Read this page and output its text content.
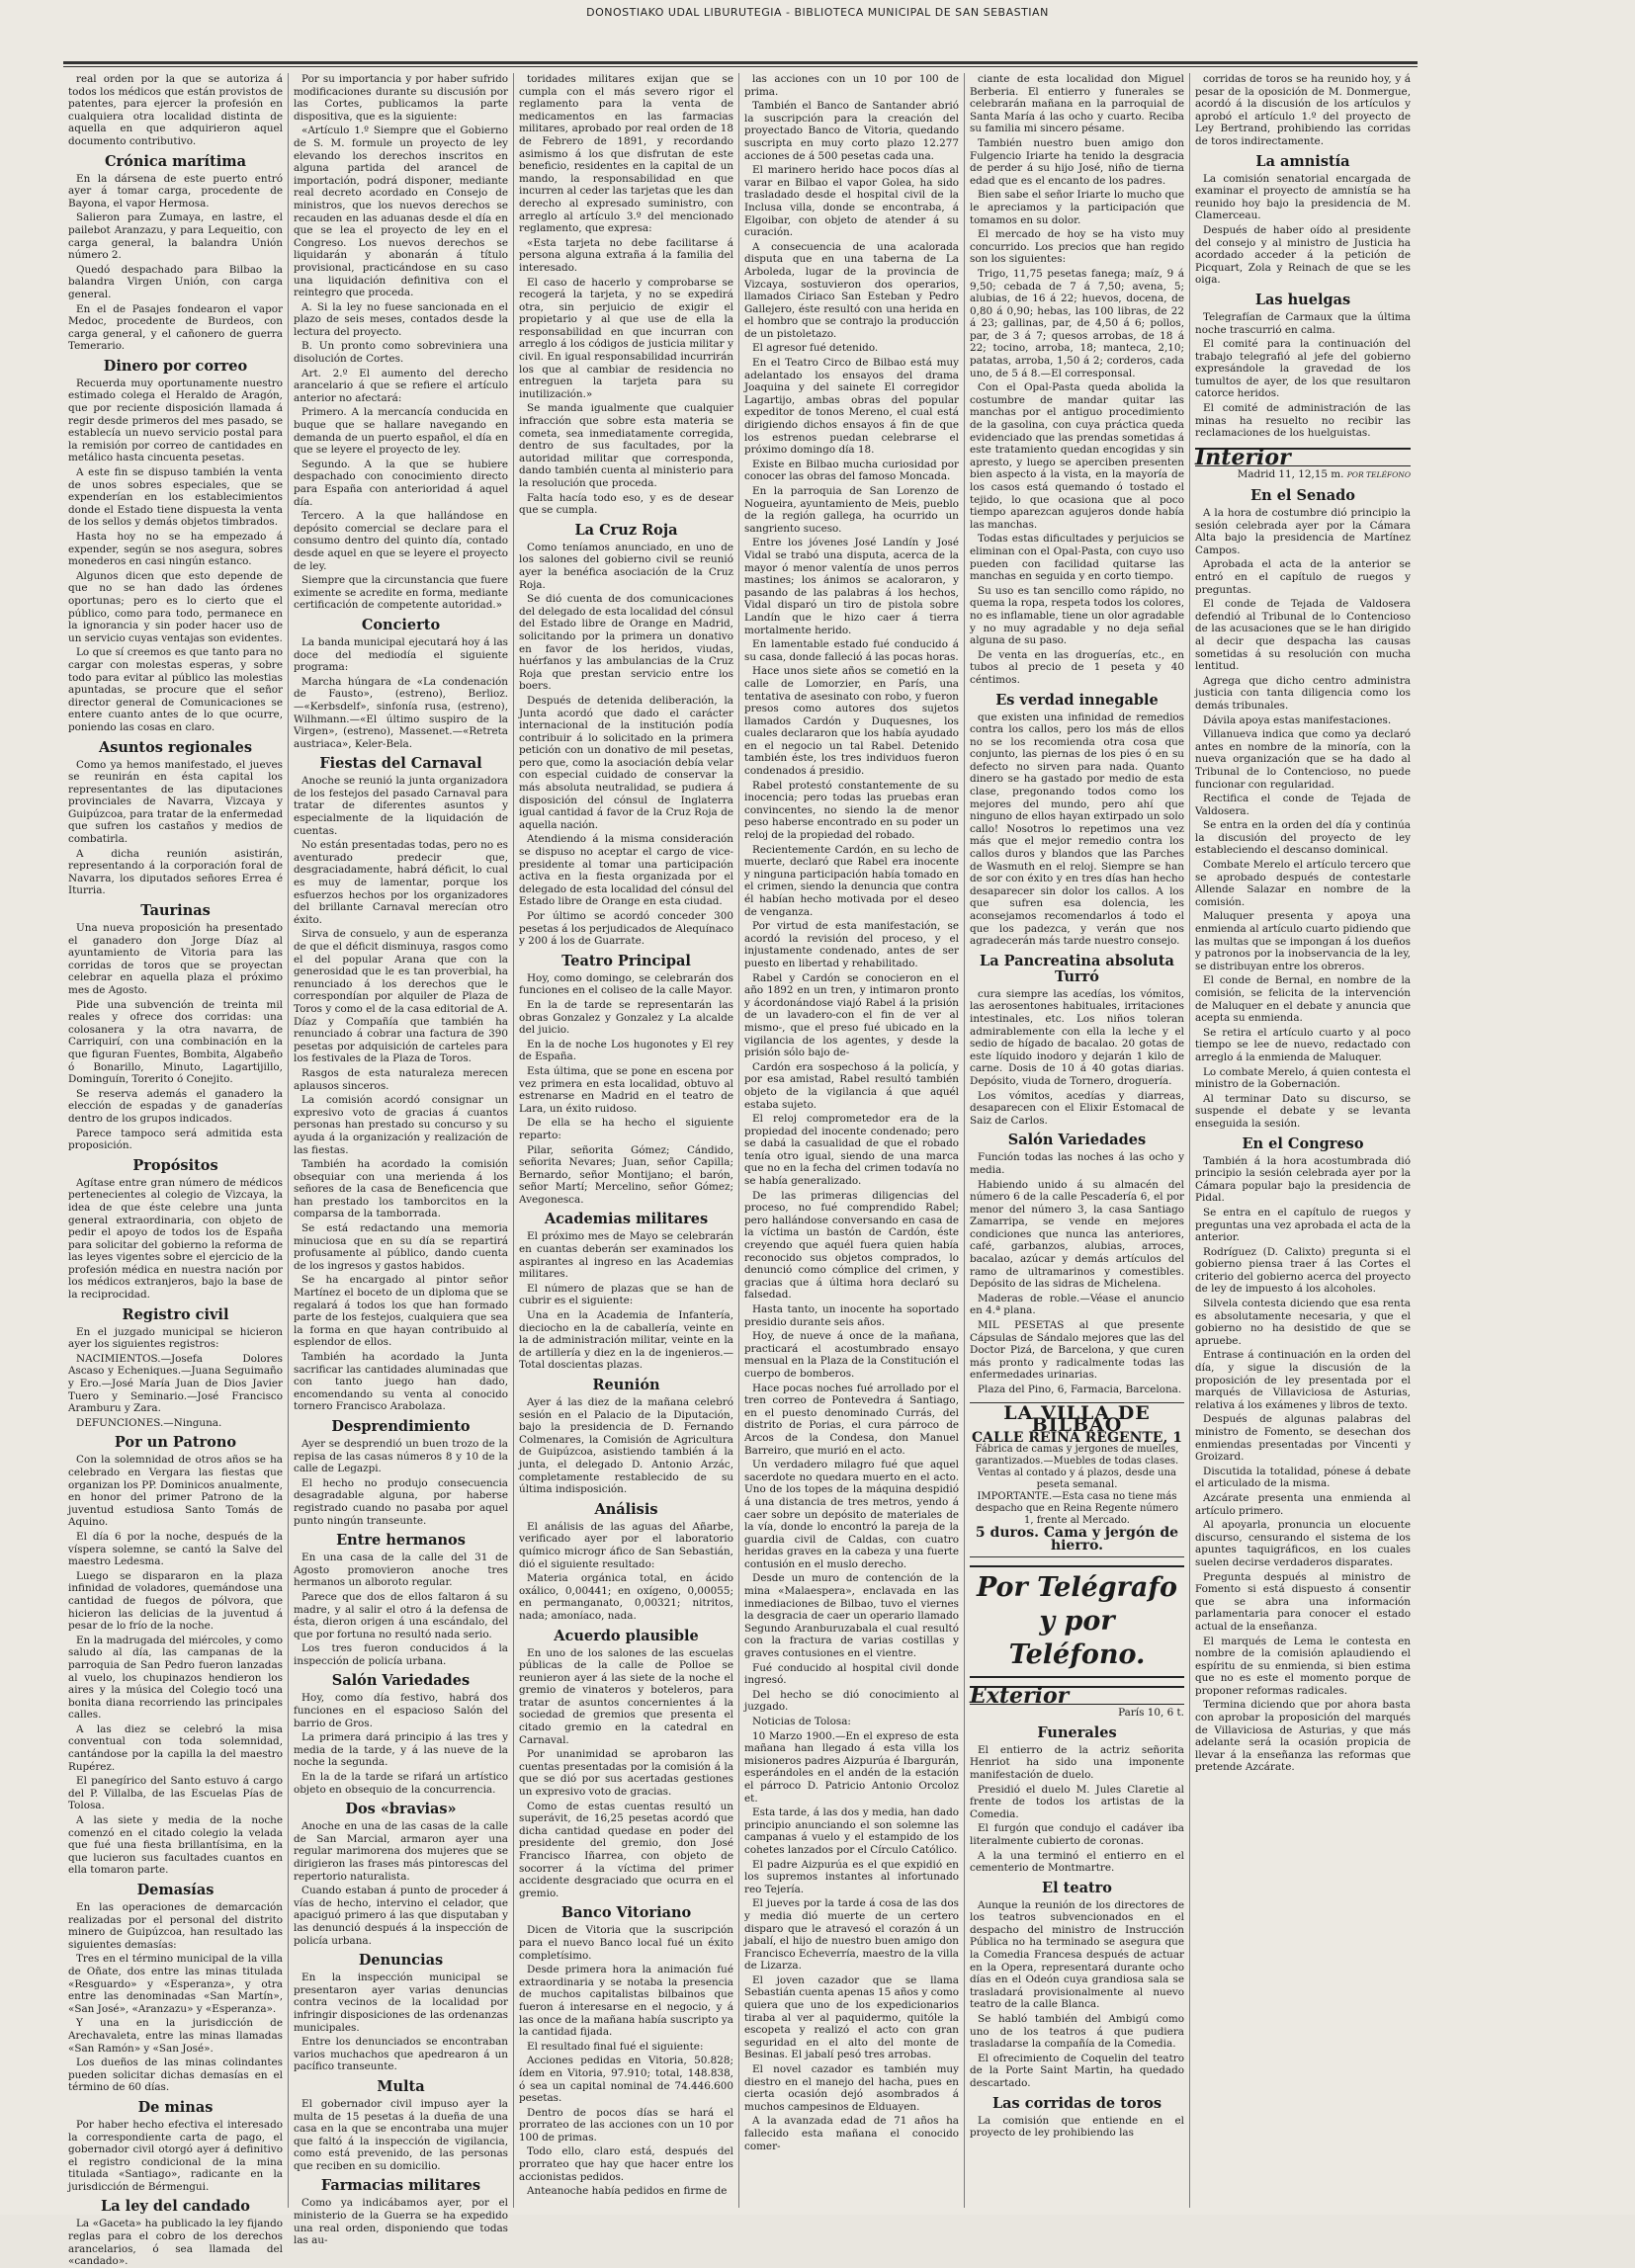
DONOSTIAKO UDAL LIBURUTEGIA - BIBLIOTECA MUNICIPAL DE SAN SEBASTIAN

real orden por la que se autoriza á todos los médicos que están provistos de patentes, para ejercer la profesión en cualquiera otra localidad distinta de aquella en que adquirieron aquel documento contributivo.

Crónica marítima

En la dársena de este puerto entró ayer á tomar carga, procedente de Bayona, el vapor Hermosa.

Salieron para Zumaya, en lastre, el pailebot Aranzazu, y para Lequeitio, con carga general, la balandra Unión número 2.

Quedó despachado para Bilbao la balandra Virgen Unión, con carga general.

En el de Pasajes fondearon el vapor Medoc, procedente de Burdeos, con carga general, y el cañonero de guerra Temerario.

Dinero por correo

Recuerda muy oportunamente nuestro estimado colega el Heraldo de Aragón, que por reciente disposición llamada á regir desde primeros del mes pasado, se establecía un nuevo servicio postal para la remisión por correo de cantidades en metálico hasta cincuenta pesetas.

A este fin se dispuso también la venta de unos sobres especiales, que se expenderían en los establecimientos donde el Estado tiene dispuesta la venta de los sellos y demás objetos timbrados.

Hasta hoy no se ha empezado á expender, según se nos asegura, sobres monederos en casi ningún estanco.

Algunos dicen que esto depende de que no se han dado las órdenes oportunas; pero es lo cierto que el público, como para todo, permanece en la ignorancia y sin poder hacer uso de un servicio cuyas ventajas son evidentes.

Lo que sí creemos es que tanto para no cargar con molestas esperas, y sobre todo para evitar al público las molestias apuntadas, se procure que el señor director general de Comunicaciones se entere cuanto antes de lo que ocurre, poniendo las cosas en claro.

Asuntos regionales

Como ya hemos manifestado, el jueves se reunirán en ésta capital los representantes de las diputaciones provinciales de Navarra, Vizcaya y Guipúzcoa, para tratar de la enfermedad que sufren los castaños y medios de combatirla.

A dicha reunión asistirán, representando á la corporación foral de Navarra, los diputados señores Errea é Iturria.

Taurinas

Una nueva proposición ha presentado el ganadero don Jorge Díaz al ayuntamiento de Vitoria para las corridas de toros que se proyectan celebrar en aquella plaza el próximo mes de Agosto.

Pide una subvención de treinta mil reales y ofrece dos corridas: una colosanera y la otra navarra, de Carriquirí, con una combinación en la que figuran Fuentes, Bombita, Algabeño ó Bonarillo, Minuto, Lagartijillo, Dominguín, Torerito ó Conejito.

Se reserva además el ganadero la elección de espadas y de ganaderías dentro de los grupos indicados.

Parece tampoco será admitida esta proposición.

Propósitos

Agítase entre gran número de médicos pertenecientes al colegio de Vizcaya, la idea de que éste celebre una junta general extraordinaria, con objeto de pedir el apoyo de todos los de España para solicitar del gobierno la reforma de las leyes vigentes sobre el ejercicio de la profesión médica en nuestra nación por los médicos extranjeros, bajo la base de la reciprocidad.

Registro civil

En el juzgado municipal se hicieron ayer los siguientes registros:

NACIMIENTOS.—Josefa Dolores Ascaso y Echeniques.—Juana Seguimaño y Ero.—José María Juan de Dios Javier Tuero y Seminario.—José Francisco Aramburu y Zara.

DEFUNCIONES.—Ninguna.

Por un Patrono

Con la solemnidad de otros años se ha celebrado en Vergara las fiestas que organizan los PP. Dominicos anualmente, en honor del primer Patrono de la juventud estudiosa Santo Tomás de Aquino.

El día 6 por la noche, después de la víspera solemne, se cantó la Salve del maestro Ledesma.

Luego se dispararon en la plaza infinidad de voladores, quemándose una cantidad de fuegos de pólvora, que hicieron las delicias de la juventud á pesar de lo frío de la noche.

En la madrugada del miércoles, y como saludo al día, las campanas de la parroquia de San Pedro fueron lanzadas al vuelo, los chupinazos hendieron los aires y la música del Colegio tocó una bonita diana recorriendo las principales calles.

A las diez se celebró la misa conventual con toda solemnidad, cantándose por la capilla la del maestro Rupérez.

El panegírico del Santo estuvo á cargo del P. Villalba, de las Escuelas Pías de Tolosa.

A las siete y media de la noche comenzó en el citado colegio la velada que fué una fiesta brillantísima, en la que lucieron sus facultades cuantos en ella tomaron parte.

Demasías

En las operaciones de demarcación realizadas por el personal del distrito minero de Guipúzcoa, han resultado las siguientes demasías:

Tres en el término municipal de la villa de Oñate, dos entre las minas titulada «Resguardo» y «Esperanza», y otra entre las denominadas «San Martín», «San José», «Aranzazu» y «Esperanza».

Y una en la jurisdicción de Arechavaleta, entre las minas llamadas «San Ramón» y «San José».

Los dueños de las minas colindantes pueden solicitar dichas demasías en el término de 60 días.

De minas

Por haber hecho efectiva el interesado la correspondiente carta de pago, el gobernador civil otorgó ayer á definitivo el registro condicional de la mina titulada «Santiago», radicante en la jurisdicción de Bérmengui.

La ley del candado

La «Gaceta» ha publicado la ley fijando reglas para el cobro de los derechos arancelarios, ó sea llamada del «candado».

Por su importancia y por haber sufrido modificaciones durante su discusión por las Cortes, publicamos la parte dispositiva, que es la siguiente:

«Artículo 1.º Siempre que el Gobierno de S. M. formule un proyecto de ley elevando los derechos inscritos en alguna partida del arancel de importación, podrá disponer, mediante real decreto acordado en Consejo de ministros, que los nuevos derechos se recauden en las aduanas desde el día en que se lea el proyecto de ley en el Congreso. Los nuevos derechos se liquidarán y abonarán á título provisional, practicándose en su caso una liquidación definitiva con el reintegro que proceda.

A. Si la ley no fuese sancionada en el plazo de seis meses, contados desde la lectura del proyecto.

B. Un pronto como sobreviniera una disolución de Cortes.

Art. 2.º El aumento del derecho arancelario á que se refiere el artículo anterior no afectará:

Primero. A la mercancía conducida en buque que se hallare navegando en demanda de un puerto español, el día en que se leyere el proyecto de ley.

Segundo. A la que se hubiere despachado con conocimiento directo para España con anterioridad á aquel día.

Tercero. A la que hallándose en depósito comercial se declare para el consumo dentro del quinto día, contado desde aquel en que se leyere el proyecto de ley.

Siempre que la circunstancia que fuere eximente se acredite en forma, mediante certificación de competente autoridad.»

Concierto

La banda municipal ejecutará hoy á las doce del mediodía el siguiente programa:

Marcha húngara de «La condenación de Fausto», (estreno), Berlioz.—«Kerbsdelf», sinfonía rusa, (estreno), Wilhmann.—«El último suspiro de la Virgen», (estreno), Massenet.—«Retreta austriaca», Keler-Bela.

Fiestas del Carnaval

Anoche se reunió la junta organizadora de los festejos del pasado Carnaval para tratar de diferentes asuntos y especialmente de la liquidación de cuentas.

No están presentadas todas, pero no es aventurado predecir que, desgraciadamente, habrá déficit, lo cual es muy de lamentar, porque los esfuerzos hechos por los organizadores del brillante Carnaval merecían otro éxito.

Sirva de consuelo, y aun de esperanza de que el déficit disminuya, rasgos como el del popular Arana que con la generosidad que le es tan proverbial, ha renunciado á los derechos que le correspondían por alquiler de Plaza de Toros y como el de la casa editorial de A. Díaz y Compañía que también ha renunciado á cobrar una factura de 390 pesetas por adquisición de carteles para los festivales de la Plaza de Toros.

Rasgos de esta naturaleza merecen aplausos sinceros.

La comisión acordó consignar un expresivo voto de gracias á cuantos personas han prestado su concurso y su ayuda á la organización y realización de las fiestas.

También ha acordado la comisión obsequiar con una merienda á los señores de la casa de Beneficencia que han prestado los tamborcitos en la comparsa de la tamborrada.

Se está redactando una memoria minuciosa que en su día se repartirá profusamente al público, dando cuenta de los ingresos y gastos habidos.

Se ha encargado al pintor señor Martínez el boceto de un diploma que se regalará á todos los que han formado parte de los festejos, cualquiera que sea la forma en que hayan contribuido al esplendor de ellos.

También ha acordado la Junta sacrificar las cantidades aluminadas que con tanto juego han dado, encomendando su venta al conocido tornero Francisco Arabolaza.

Desprendimiento

Ayer se desprendió un buen trozo de la repisa de las casas números 8 y 10 de la calle de Legazpi.

El hecho no produjo consecuencia desagradable alguna, por haberse registrado cuando no pasaba por aquel punto ningún transeunte.

Entre hermanos

En una casa de la calle del 31 de Agosto promovieron anoche tres hermanos un alboroto regular.

Parece que dos de ellos faltaron á su madre, y al salir el otro á la defensa de ésta, dieron origen á una escándalo, del que por fortuna no resultó nada serio.

Los tres fueron conducidos á la inspección de policía urbana.

Salón Variedades

Hoy, como día festivo, habrá dos funciones en el espacioso Salón del barrio de Gros.

La primera dará principio á las tres y media de la tarde, y á las nueve de la noche la segunda.

En la de la tarde se rifará un artístico objeto en obsequio de la concurrencia.

Dos «bravias»

Anoche en una de las casas de la calle de San Marcial, armaron ayer una regular marimorena dos mujeres que se dirigieron las frases más pintorescas del repertorio naturalista.

Cuando estaban á punto de proceder á vías de hecho, intervino el celador, que apaciguó primero á las que disputaban y las denunció después á la inspección de policía urbana.

Denuncias

En la inspección municipal se presentaron ayer varias denuncias contra vecinos de la localidad por infringir disposiciones de las ordenanzas municipales.

Entre los denunciados se encontraban varios muchachos que apedrearon á un pacífico transeunte.

Multa

El gobernador civil impuso ayer la multa de 15 pesetas á la dueña de una casa en la que se encontraba una mujer que faltó á la inspección de vigilancia, como está prevenido, de las personas que reciben en su domicilio.

Farmacias militares

Como ya indicábamos ayer, por el ministerio de la Guerra se ha expedido una real orden, disponiendo que todas las au-

toridades militares exijan que se cumpla con el más severo rigor el reglamento para la venta de medicamentos en las farmacias militares, aprobado por real orden de 18 de Febrero de 1891, y recordando asimismo á los que disfrutan de este beneficio, residentes en la capital de un mando, la responsabilidad en que incurren al ceder las tarjetas que les dan derecho al expresado suministro, con arreglo al artículo 3.º del mencionado reglamento, que expresa:

«Esta tarjeta no debe facilitarse á persona alguna extraña á la familia del interesado.

El caso de hacerlo y comprobarse se recogerá la tarjeta, y no se expedirá otra, sin perjuicio de exigir el propietario y al que use de ella la responsabilidad en que incurran con arreglo á los códigos de justicia militar y civil. En igual responsabilidad incurrirán los que al cambiar de residencia no entreguen la tarjeta para su inutilización.»

Se manda igualmente que cualquier infracción que sobre esta materia se cometa, sea inmediatamente corregida, dentro de sus facultades, por la autoridad militar que corresponda, dando también cuenta al ministerio para la resolución que proceda.

Falta hacía todo eso, y es de desear que se cumpla.

La Cruz Roja

Como teníamos anunciado, en uno de los salones del gobierno civil se reunió ayer la benéfica asociación de la Cruz Roja.

Se dió cuenta de dos comunicaciones del delegado de esta localidad del cónsul del Estado libre de Orange en Madrid, solicitando por la primera un donativo en favor de los heridos, viudas, huérfanos y las ambulancias de la Cruz Roja que prestan servicio entre los boers.

Después de detenida deliberación, la Junta acordó que dado el carácter internacional de la institución podía contribuir á lo solicitado en la primera petición con un donativo de mil pesetas, pero que, como la asociación debía velar con especial cuidado de conservar la más absoluta neutralidad, se pudiera á disposición del cónsul de Inglaterra igual cantidad á favor de la Cruz Roja de aquella nación.

Atendiendo á la misma consideración se dispuso no aceptar el cargo de vice-presidente al tomar una participación activa en la fiesta organizada por el delegado de esta localidad del cónsul del Estado libre de Orange en esta ciudad.

Por último se acordó conceder 300 pesetas á los perjudicados de Alequínaco y 200 á los de Guarrate.

Teatro Principal

Hoy, como domingo, se celebrarán dos funciones en el coliseo de la calle Mayor.

En la de tarde se representarán las obras Gonzalez y Gonzalez y La alcalde del juicio.

En la de noche Los hugonotes y El rey de España.

Esta última, que se pone en escena por vez primera en esta localidad, obtuvo al estrenarse en Madrid en el teatro de Lara, un éxito ruidoso.

De ella se ha hecho el siguiente reparto:

Pilar, señorita Gómez; Cándido, señorita Nevares; Juan, señor Capilla; Bernardo, señor Montijano; el barón, señor Martí; Mercelino, señor Gómez; Avegonesca.

Academias militares

El próximo mes de Mayo se celebrarán en cuantas deberán ser examinados los aspirantes al ingreso en las Academias militares.

El número de plazas que se han de cubrir es el siguiente:

Una en la Academia de Infantería, dieciocho en la de caballería, veinte en la de administración militar, veinte en la de artillería y diez en la de ingenieros.—Total doscientas plazas.

Reunión

Ayer á las diez de la mañana celebró sesión en el Palacio de la Diputación, bajo la presidencia de D. Fernando Colmenares, la Comisión de Agricultura de Guipúzcoa, asistiendo también á la junta, el delegado D. Antonio Arzác, completamente restablecido de su última indisposición.

Análisis

El análisis de las aguas del Añarbe, verificado ayer por el laboratorio químico microgr áfico de San Sebastián, dió el siguiente resultado:

Materia orgánica total, en ácido oxálico, 0,00441; en oxígeno, 0,00055; en permanganato, 0,00321; nitritos, nada; amoníaco, nada.

Acuerdo plausible

En uno de los salones de las escuelas públicas de la calle de Polloe se reunieron ayer á las siete de la noche el gremio de vinateros y boteleros, para tratar de asuntos concernientes á la sociedad de gremios que presenta el citado gremio en la catedral en Carnaval.

Por unanimidad se aprobaron las cuentas presentadas por la comisión á la que se dió por sus acertadas gestiones un expresivo voto de gracias.

Como de estas cuentas resultó un superávit, de 16,25 pesetas acordó que dicha cantidad quedase en poder del presidente del gremio, don José Francisco Iñarrea, con objeto de socorrer á la víctima del primer accidente desgraciado que ocurra en el gremio.

Banco Vitoriano

Dicen de Vitoria que la suscripción para el nuevo Banco local fué un éxito completísimo.

Desde primera hora la animación fué extraordinaria y se notaba la presencia de muchos capitalistas bilbainos que fueron á interesarse en el negocio, y á las once de la mañana había suscripto ya la cantidad fijada.

El resultado final fué el siguiente:

Acciones pedidas en Vitoria, 50.828; ídem en Vitoria, 97.910; total, 148.838, ó sea un capital nominal de 74.446.600 pesetas.

Dentro de pocos días se hará el prorrateo de las acciones con un 10 por 100 de primas.

Todo ello, claro está, después del prorrateo que hay que hacer entre los accionistas pedidos.

Anteanoche había pedidos en firme de

las acciones con un 10 por 100 de prima.

También el Banco de Santander abrió la suscripción para la creación del proyectado Banco de Vitoria, quedando suscripta en muy corto plazo 12.277 acciones de á 500 pesetas cada una.

El marinero herido hace pocos días al varar en Bilbao el vapor Golea, ha sido trasladado desde el hospital civil de la Inclusa villa, donde se encontraba, á Elgoibar, con objeto de atender á su curación.

A consecuencia de una acalorada disputa que en una taberna de La Arboleda, lugar de la provincia de Vizcaya, sostuvieron dos operarios, llamados Ciriaco San Esteban y Pedro Gallejero, éste resultó con una herida en el hombro que se contrajo la producción de un pistoletazo.

El agresor fué detenido.

En el Teatro Circo de Bilbao está muy adelantado los ensayos del drama Joaquina y del sainete El corregidor Lagartijo, ambas obras del popular expeditor de tonos Mereno, el cual está dirigiendo dichos ensayos á fin de que los estrenos puedan celebrarse el próximo domingo día 18.

Existe en Bilbao mucha curiosidad por conocer las obras del famoso Moncada.

En la parroquia de San Lorenzo de Nogueira, ayuntamiento de Meis, pueblo de la región gallega, ha ocurrido un sangriento suceso.

Entre los jóvenes José Landín y José Vidal se trabó una disputa, acerca de la mayor ó menor valentía de unos perros mastines; los ánimos se acaloraron, y pasando de las palabras á los hechos, Vidal disparó un tiro de pistola sobre Landín que le hizo caer á tierra mortalmente herido.

En lamentable estado fué conducido á su casa, donde falleció á las pocas horas.

Hace unos siete años se cometió en la calle de Lomorzier, en París, una tentativa de asesinato con robo, y fueron presos como autores dos sujetos llamados Cardón y Duquesnes, los cuales declararon que los había ayudado en el negocio un tal Rabel. Detenido también éste, los tres individuos fueron condenados á presidio.

Rabel protestó constantemente de su inocencia; pero todas las pruebas eran convincentes, no siendo la de menor peso haberse encontrado en su poder un reloj de la propiedad del robado.

Recientemente Cardón, en su lecho de muerte, declaró que Rabel era inocente y ninguna participación había tomado en el crimen, siendo la denuncia que contra él habían hecho motivada por el deseo de venganza.

Por virtud de esta manifestación, se acordó la revisión del proceso, y el injustamente condenado, antes de ser puesto en libertad y rehabilitado.

Rabel y Cardón se conocieron en el año 1892 en un tren, y intimaron pronto y ácordonándose viajó Rabel á la prisión de un lavadero-con el fin de ver al mismo-, que el preso fué ubicado en la vigilancia de los agentes, y desde la prisión sólo bajo de-

Cardón era sospechoso á la policía, y por esa amistad, Rabel resultó también objeto de la vigilancia á que aquél estaba sujeto.

El reloj comprometedor era de la propiedad del inocente condenado; pero se dabá la casualidad de que el robado tenía otro igual, siendo de una marca que no en la fecha del crimen todavía no se había generalizado.

De las primeras diligencias del proceso, no fué comprendido Rabel; pero hallándose conversando en casa de la víctima un bastón de Cardón, éste creyendo que aquél fuera quien había reconocido sus objetos comprados, lo denunció como cómplice del crimen, y gracias que á última hora declaró su falsedad.

Hasta tanto, un inocente ha soportado presidio durante seis años.

Hoy, de nueve á once de la mañana, practicará el acostumbrado ensayo mensual en la Plaza de la Constitución el cuerpo de bomberos.

Hace pocas noches fué arrollado por el tren correo de Pontevedra á Santiago, en el puesto denominado Currás, del distrito de Porias, el cura párroco de Arcos de la Condesa, don Manuel Barreiro, que murió en el acto.

Un verdadero milagro fué que aquel sacerdote no quedara muerto en el acto. Uno de los topes de la máquina despidió á una distancia de tres metros, yendo á caer sobre un depósito de materiales de la vía, donde lo encontró la pareja de la guardia civil de Caldas, con cuatro heridas graves en la cabeza y una fuerte contusión en el muslo derecho.

Desde un muro de contención de la mina «Malaespera», enclavada en las inmediaciones de Bilbao, tuvo el viernes la desgracia de caer un operario llamado Segundo Aranburuzabala el cual resultó con la fractura de varias costillas y graves contusiones en el vientre.

Fué conducido al hospital civil donde ingresó.

Del hecho se dió conocimiento al juzgado.

Noticias de Tolosa:

10 Marzo 1900.—En el expreso de esta mañana han llegado á esta villa los misioneros padres Aizpurúa é Ibargurán, esperándoles en el andén de la estación el párroco D. Patricio Antonio Orcoloz et.

Esta tarde, á las dos y media, han dado principio anunciando el son solemne las campanas á vuelo y el estampido de los cohetes lanzados por el Círculo Católico.

El padre Aizpurúa es el que expidió en los supremos instantes al infortunado reo Tejería.

El jueves por la tarde á cosa de las dos y media dió muerte de un certero disparo que le atravesó el corazón á un jabalí, el hijo de nuestro buen amigo don Francisco Echeverría, maestro de la villa de Lizarza.

El joven cazador que se llama Sebastián cuenta apenas 15 años y como quiera que uno de los expedicionarios tiraba al ver al paquidermo, quitóle la escopeta y realizó el acto con gran seguridad en el alto del monte de Besinas. El jabalí pesó tres arrobas.

El novel cazador es también muy diestro en el manejo del hacha, pues en cierta ocasión dejó asombrados á muchos campesinos de Elduayen.

A la avanzada edad de 71 años ha fallecido esta mañana el conocido comer-

ciante de esta localidad don Miguel Berberia. El entierro y funerales se celebrarán mañana en la parroquial de Santa María á las ocho y cuarto. Reciba su familia mi sincero pésame.

También nuestro buen amigo don Fulgencio Iriarte ha tenido la desgracia de perder á su hijo José, niño de tierna edad que es el encanto de los padres.

Bien sabe el señor Iriarte lo mucho que le apreciamos y la participación que tomamos en su dolor.

El mercado de hoy se ha visto muy concurrido. Los precios que han regido son los siguientes:

Trigo, 11,75 pesetas fanega; maíz, 9 á 9,50; cebada de 7 á 7,50; avena, 5; alubias, de 16 á 22; huevos, docena, de 0,80 á 0,90; hebas, las 100 libras, de 22 á 23; gallinas, par, de 4,50 á 6; pollos, par, de 3 á 7; quesos arrobas, de 18 á 22; tocino, arroba, 18; manteca, 2,10; patatas, arroba, 1,50 á 2; corderos, cada uno, de 5 á 8.—El corresponsal.

Con el Opal-Pasta queda abolida la costumbre de mandar quitar las manchas por el antiguo procedimiento de la gasolina, con cuya práctica queda evidenciado que las prendas sometidas á este tratamiento quedan encogidas y sin apresto, y luego se aperciben presenten bien aspecto á la vista, en la mayoría de los casos está quemando ó tostado el tejido, lo que ocasiona que al poco tiempo aparezcan agujeros donde había las manchas.

Todas estas dificultades y perjuicios se eliminan con el Opal-Pasta, con cuyo uso pueden con facilidad quitarse las manchas en seguida y en corto tiempo.

Su uso es tan sencillo como rápido, no quema la ropa, respeta todos los colores, no es inflamable, tiene un olor agradable y no muy agradable y no deja señal alguna de su paso.

De venta en las droguerías, etc., en tubos al precio de 1 peseta y 40 céntimos.

Es verdad innegable

que existen una infinidad de remedios contra los callos, pero los más de ellos no se los recomienda otra cosa que conjunto, las piernas de los pies ó en su defecto no sirven para nada. Quanto dinero se ha gastado por medio de esta clase, pregonando todos como los mejores del mundo, pero ahí que ninguno de ellos hayan extirpado un solo callo! Nosotros lo repetimos una vez más que el mejor remedio contra los callos duros y blandos que las Parches de Wasmuth en el reloj. Siempre se han de sor con éxito y en tres días han hecho desaparecer sin dolor los callos. A los que sufren esa dolencia, les aconsejamos recomendarlos á todo el que los padezca, y verán que nos agradecerán más tarde nuestro consejo.

La Pancreatina absoluta Turró

cura siempre las acedías, los vómitos, las aerosentones habituales, irritaciones intestinales, etc. Los niños toleran admirablemente con ella la leche y el sedio de hígado de bacalao. 20 gotas de este líquido inodoro y dejarán 1 kilo de carne. Dosis de 10 á 40 gotas diarias. Depósito, viuda de Tornero, droguería.

Los vómitos, acedías y diarreas, desaparecen con el Elixir Estomacal de Saiz de Carlos.

Salón Variedades

Función todas las noches á las ocho y media.

Habiendo unido á su almacén del número 6 de la calle Pescadería 6, el por menor del número 3, la casa Santiago Zamarripa, se vende en mejores condiciones que nunca las anteriores, café, garbanzos, alubias, arroces, bacalao, azúcar y demás artículos del ramo de ultramarinos y comestibles. Depósito de las sidras de Michelena.

Maderas de roble.—Véase el anuncio en 4.ª plana.

MIL PESETAS al que presente Cápsulas de Sándalo mejores que las del Doctor Pizá, de Barcelona, y que curen más pronto y radicalmente todas las enfermedades urinarias.

Plaza del Pino, 6, Farmacia, Barcelona.

LA VILLA DE BILBAO
CALLE REINA REGENTE, 1
Fábrica de camas y jergones de muelles, garantizados.—Muebles de todas clases.
Ventas al contado y á plazos, desde una peseta semanal.
IMPORTANTE.—Esta casa no tiene más despacho que en Reina Regente número 1, frente al Mercado.
5 duros. Cama y jergón de hierro.
Por Telégrafo y por Teléfono.
Exterior
París 10, 6 t.
Funerales

El entierro de la actriz señorita Henriot ha sido una imponente manifestación de duelo.

Presidió el duelo M. Jules Claretie al frente de todos los artistas de la Comedia.

El furgón que condujo el cadáver iba literalmente cubierto de coronas.

A la una terminó el entierro en el cementerio de Montmartre.

El teatro

Aunque la reunión de los directores de los teatros subvencionados en el despacho del ministro de Instrucción Pública no ha terminado se asegura que la Comedia Francesa después de actuar en la Opera, representará durante ocho días en el Odeón cuya grandiosa sala se trasladará provisionalmente al nuevo teatro de la calle Blanca.

Se habló también del Ambigú como uno de los teatros á que pudiera trasladarse la compañía de la Comedia.

El ofrecimiento de Coquelin del teatro de la Porte Saint Martin, ha quedado descartado.

Las corridas de toros

La comisión que entiende en el proyecto de ley prohibiendo las

corridas de toros se ha reunido hoy, y á pesar de la oposición de M. Donmergue, acordó á la discusión de los artículos y aprobó el artículo 1.º del proyecto de Ley Bertrand, prohibiendo las corridas de toros indirectamente.

La amnistía

La comisión senatorial encargada de examinar el proyecto de amnistía se ha reunido hoy bajo la presidencia de M. Clamerceau.

Después de haber oído al presidente del consejo y al ministro de Justicia ha acordado acceder á la petición de Picquart, Zola y Reinach de que se les oiga.

Las huelgas

Telegrafían de Carmaux que la última noche trascurrió en calma.

El comité para la continuación del trabajo telegrafió al jefe del gobierno expresándole la gravedad de los tumultos de ayer, de los que resultaron catorce heridos.

El comité de administración de las minas ha resuelto no recibir las reclamaciones de los huelguistas.

Interior
Madrid 11, 12,15 m. POR TELÉFONO
En el Senado

A la hora de costumbre dió principio la sesión celebrada ayer por la Cámara Alta bajo la presidencia de Martínez Campos.

Aprobada el acta de la anterior se entró en el capítulo de ruegos y preguntas.

El conde de Tejada de Valdosera defendió al Tribunal de lo Contencioso de las acusaciones que se le han dirigido al decir que despacha las causas sometidas á su resolución con mucha lentitud.

Agrega que dicho centro administra justicia con tanta diligencia como los demás tribunales.

Dávila apoya estas manifestaciones.

Villanueva indica que como ya declaró antes en nombre de la minoría, con la nueva organización que se ha dado al Tribunal de lo Contencioso, no puede funcionar con regularidad.

Rectifica el conde de Tejada de Valdosera.

Se entra en la orden del día y continúa la discusión del proyecto de ley estableciendo el descanso dominical.

Combate Merelo el artículo tercero que se aprobado después de contestarle Allende Salazar en nombre de la comisión.

Maluquer presenta y apoya una enmienda al artículo cuarto pidiendo que las multas que se impongan á los dueños y patronos por la inobservancia de la ley, se distribuyan entre los obreros.

El conde de Bernal, en nombre de la comisión, se felicita de la intervención de Maluquer en el debate y anuncia que acepta su enmienda.

Se retira el artículo cuarto y al poco tiempo se lee de nuevo, redactado con arreglo á la enmienda de Maluquer.

Lo combate Merelo, á quien contesta el ministro de la Gobernación.

Al terminar Dato su discurso, se suspende el debate y se levanta enseguida la sesión.

En el Congreso

También á la hora acostumbrada dió principio la sesión celebrada ayer por la Cámara popular bajo la presidencia de Pidal.

Se entra en el capítulo de ruegos y preguntas una vez aprobada el acta de la anterior.

Rodríguez (D. Calixto) pregunta si el gobierno piensa traer á las Cortes el criterio del gobierno acerca del proyecto de ley de impuesto á los alcoholes.

Silvela contesta diciendo que esa renta es absolutamente necesaria, y que el gobierno no ha desistido de que se apruebe.

Entrase á continuación en la orden del día, y sigue la discusión de la proposición de ley presentada por el marqués de Villaviciosa de Asturias, relativa á los exámenes y libros de texto.

Después de algunas palabras del ministro de Fomento, se desechan dos enmiendas presentadas por Vincenti y Groizard.

Discutida la totalidad, pónese á debate el articulado de la misma.

Azcárate presenta una enmienda al artículo primero.

Al apoyarla, pronuncia un elocuente discurso, censurando el sistema de los apuntes taquigráficos, en los cuales suelen decirse verdaderos disparates.

Pregunta después al ministro de Fomento si está dispuesto á consentir que se abra una información parlamentaria para conocer el estado actual de la enseñanza.

El marqués de Lema le contesta en nombre de la comisión aplaudiendo el espíritu de su enmienda, si bien estima que no es este el momento porque de proponer reformas radicales.

Termina diciendo que por ahora basta con aprobar la proposición del marqués de Villaviciosa de Asturias, y que más adelante será la ocasión propicia de llevar á la enseñanza las reformas que pretende Azcárate.
